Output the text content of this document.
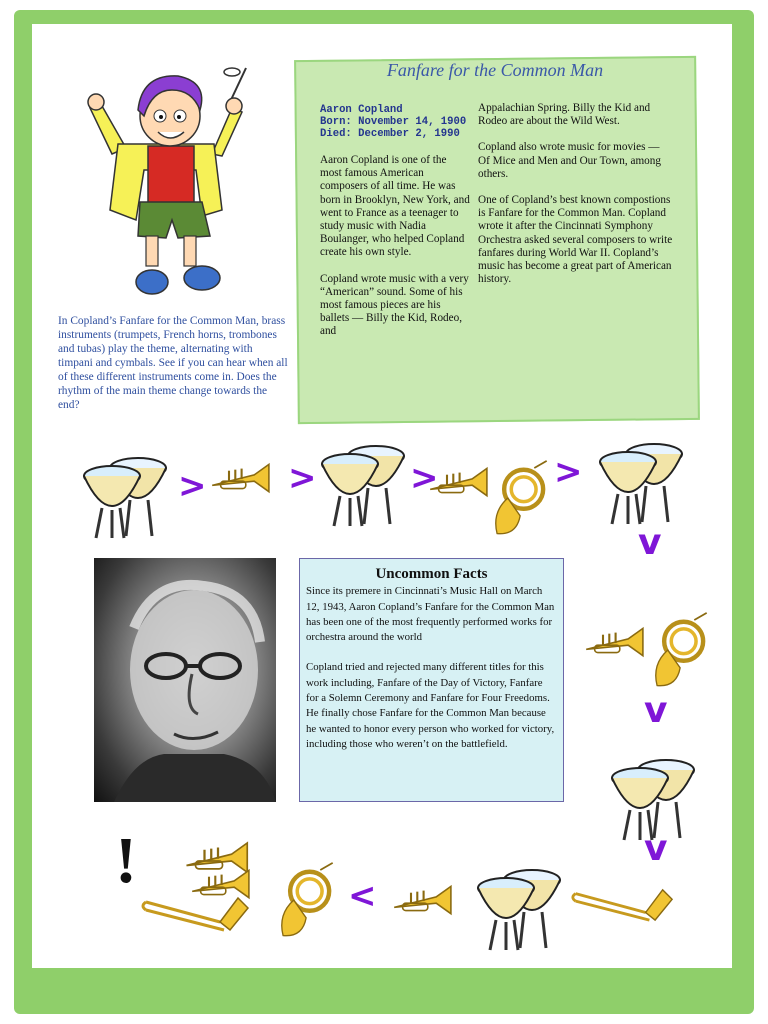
In Copland’s Fanfare for the Common Man, brass instruments (trumpets, French horns, trombones and tubas) play the theme, alternating with timpani and cymbals. See if you can hear when all of these different instruments come in. Does the rhythm of the main theme change towards the end?
Fanfare for the Common Man
Aaron Copland
Born: November 14, 1900
Died: December 2, 1990

Aaron Copland is one of the most famous American composers of all time. He was born in Brooklyn, New York, and went to France as a teenager to study music with Nadia Boulanger, who helped Copland create his own style.

Copland wrote music with a very “American” sound. Some of his most famous pieces are his ballets — Billy the Kid, Rodeo, and

Appalachian Spring. Billy the Kid and Rodeo are about the Wild West.

Copland also wrote music for movies — Of Mice and Men and Our Town, among others.

One of Copland’s best known compostions is Fanfare for the Common Man. Copland wrote it after the Cincinnati Symphony Orchestra asked several composers to write fanfares during World War II. Copland’s music has become a great part of American history.

> >	>	>
v
v
v
<
!
Uncommon Facts

Since its premere in Cincinnati’s Music Hall on March 12, 1943, Aaron Copland’s Fanfare for the Common Man has been one of the most frequently performed works for orchestra around the world

Copland tried and rejected many different titles for this work including, Fanfare of the Day of Victory, Fanfare for a Solemn Ceremony and Fanfare for Four Freedoms. He finally chose Fanfare for the Common Man because he wanted to honor every person who worked for victory, including those who weren’t on the battlefield.
